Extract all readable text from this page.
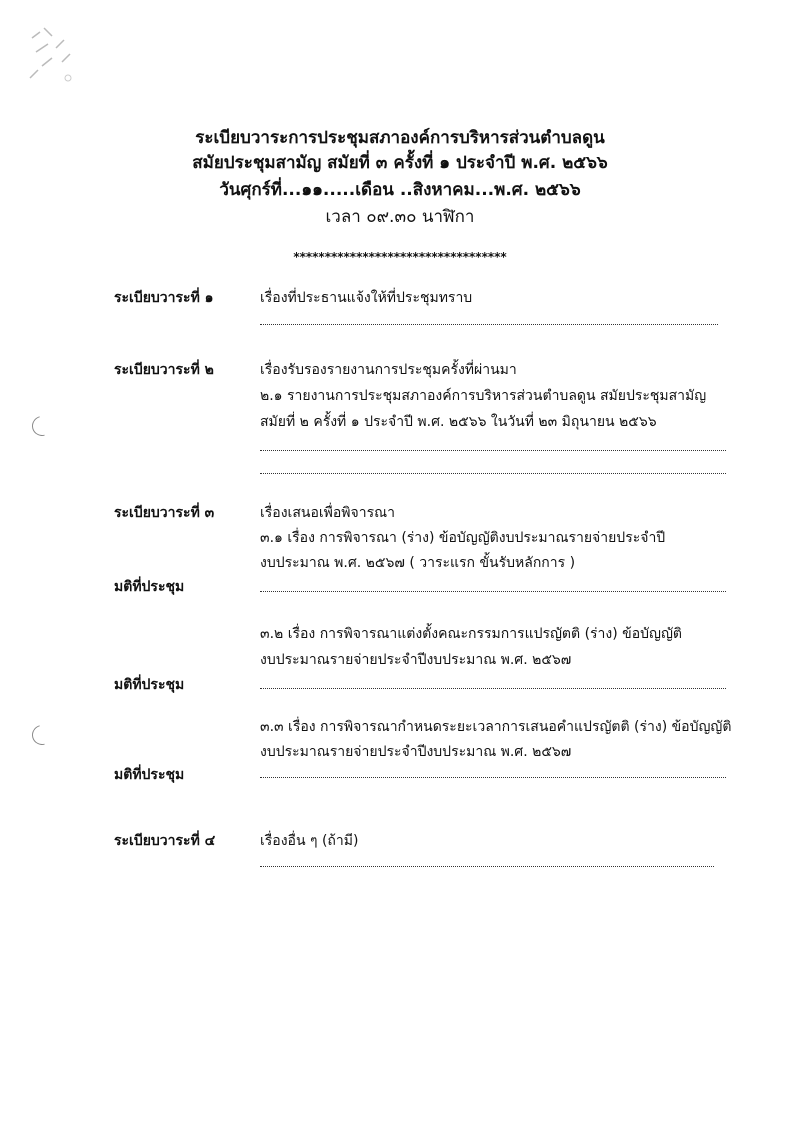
ระเบียบวาระการประชุมสภาองค์การบริหารส่วนตำบลดูน
สมัยประชุมสามัญ สมัยที่ ๓ ครั้งที่ ๑ ประจำปี พ.ศ. ๒๕๖๖
วันศุกร์ที่...๑๑.....เดือน ..สิงหาคม...พ.ศ. ๒๕๖๖
เวลา ๐๙.๓๐ นาฬิกา
**********************************
ระเบียบวาระที่ ๑	เรื่องที่ประธานแจ้งให้ที่ประชุมทราบ
ระเบียบวาระที่ ๒	เรื่องรับรองรายงานการประชุมครั้งที่ผ่านมา
๒.๑ รายงานการประชุมสภาองค์การบริหารส่วนตำบลดูน สมัยประชุมสามัญ
สมัยที่ ๒ ครั้งที่ ๑ ประจำปี พ.ศ. ๒๕๖๖ ในวันที่ ๒๓ มิถุนายน ๒๕๖๖
ระเบียบวาระที่ ๓	เรื่องเสนอเพื่อพิจารณา
๓.๑ เรื่อง การพิจารณา (ร่าง) ข้อบัญญัติงบประมาณรายจ่ายประจำปี
งบประมาณ พ.ศ. ๒๕๖๗ ( วาระแรก ขั้นรับหลักการ )
มติที่ประชุม
๓.๒ เรื่อง การพิจารณาแต่งตั้งคณะกรรมการแปรญัตติ (ร่าง) ข้อบัญญัติ
งบประมาณรายจ่ายประจำปีงบประมาณ พ.ศ. ๒๕๖๗
มติที่ประชุม
๓.๓ เรื่อง การพิจารณากำหนดระยะเวลาการเสนอคำแปรญัตติ (ร่าง) ข้อบัญญัติ
งบประมาณรายจ่ายประจำปีงบประมาณ พ.ศ. ๒๕๖๗
มติที่ประชุม
ระเบียบวาระที่ ๔	เรื่องอื่น ๆ (ถ้ามี)
